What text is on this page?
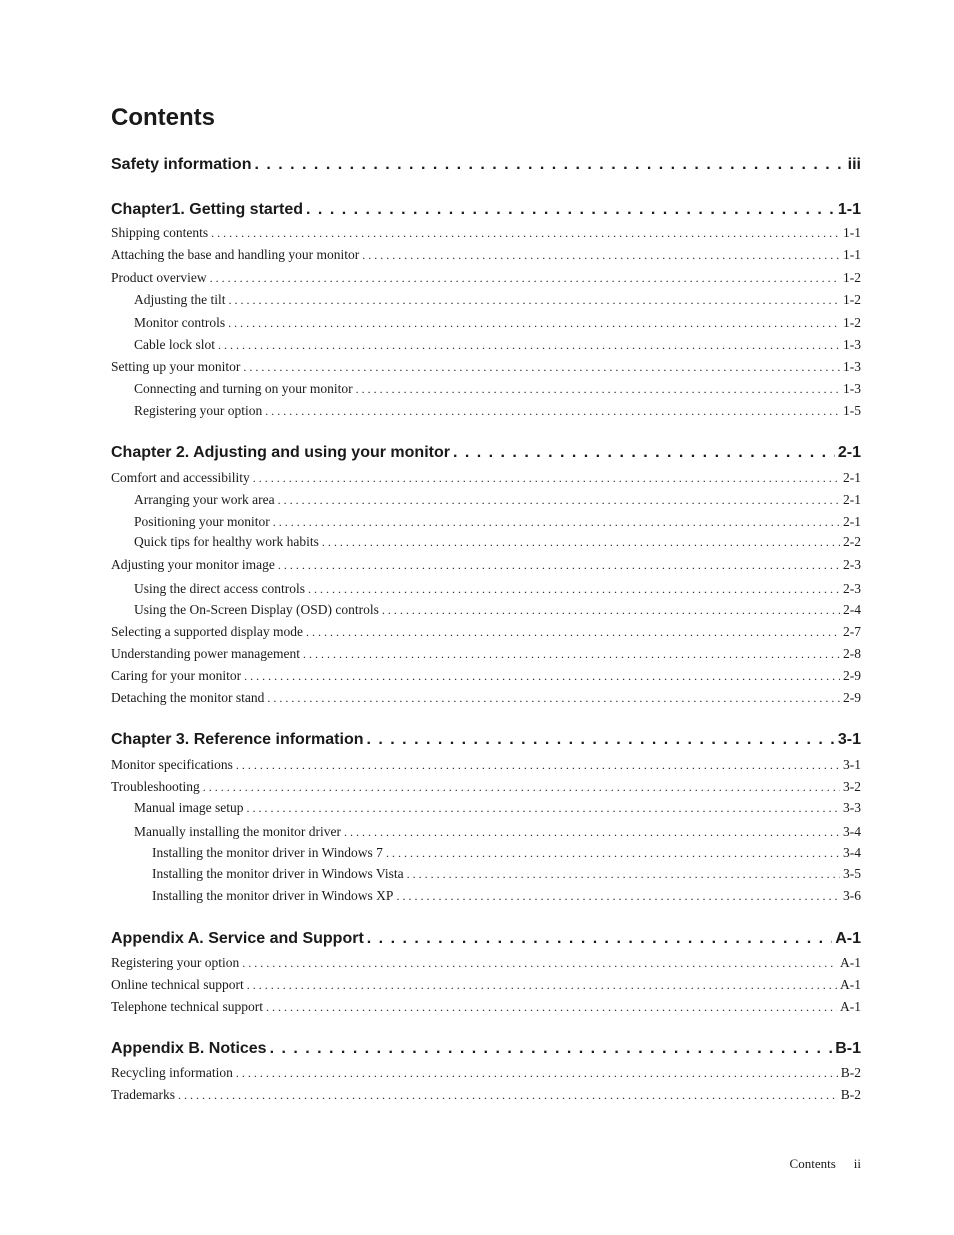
Contents
Safety information . . .	iii
Chapter1. Getting started . . .	1-1
Shipping contents . . .	1-1
Attaching the base and handling your monitor . . .	1-1
Product overview . . .	1-2
Adjusting the tilt . . .	1-2
Monitor controls . . .	1-2
Cable lock slot . . .	1-3
Setting up your monitor . . .	1-3
Connecting and turning on your monitor . . .	1-3
Registering your option . . .	1-5
Chapter 2. Adjusting and using your monitor . . .	2-1
Comfort and accessibility . . .	2-1
Arranging your work area . . .	2-1
Positioning your monitor . . .	2-1
Quick tips for healthy work habits . . .	2-2
Adjusting your monitor image . . .	2-3
Using the direct access controls . . .	2-3
Using the On-Screen Display (OSD) controls . . .	2-4
Selecting a supported display mode . . .	2-7
Understanding power management . . .	2-8
Caring for your monitor . . .	2-9
Detaching the monitor stand . . .	2-9
Chapter 3. Reference information . . .	3-1
Monitor specifications . . .	3-1
Troubleshooting . . .	3-2
Manual image setup . . .	3-3
Manually installing the monitor driver . . .	3-4
Installing the monitor driver in Windows 7 . . .	3-4
Installing the monitor driver in Windows Vista . . .	3-5
Installing the monitor driver in Windows XP . . .	3-6
Appendix A. Service and Support . . .	A-1
Registering your option . . .	A-1
Online technical support . . .	A-1
Telephone technical support . . .	A-1
Appendix B. Notices . . .	B-1
Recycling information . . .	B-2
Trademarks . . .	B-2
Contents ii
